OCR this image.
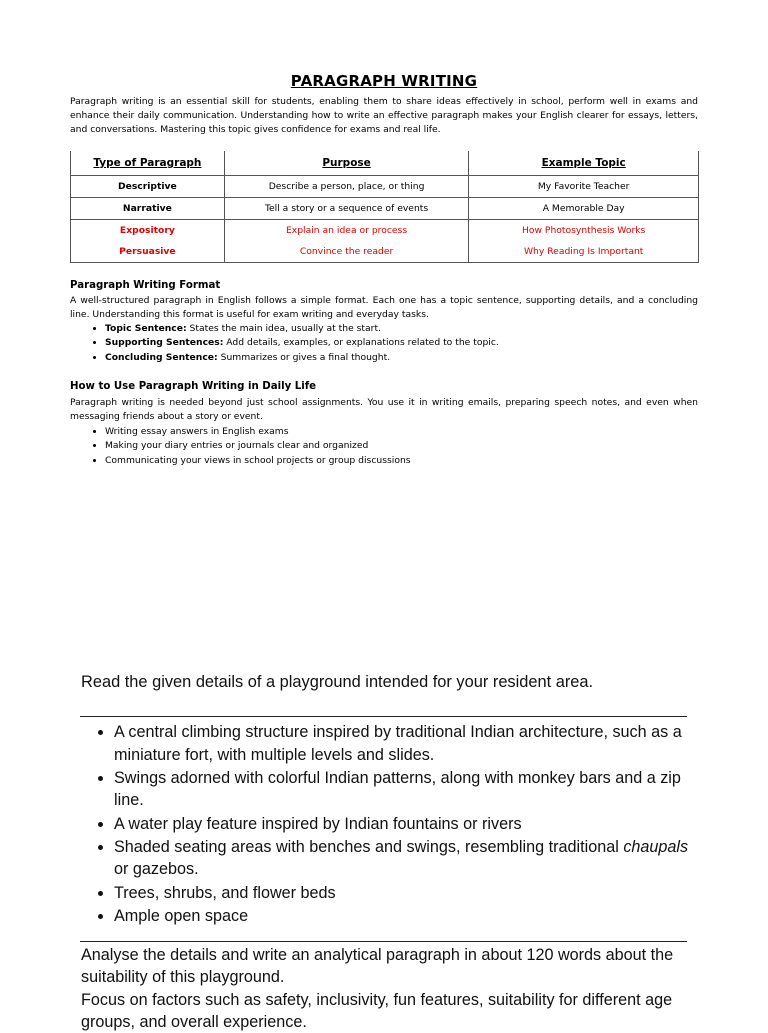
PARAGRAPH WRITING
Paragraph writing is an essential skill for students, enabling them to share ideas effectively in school, perform well in exams and enhance their daily communication. Understanding how to write an effective paragraph makes your English clearer for essays, letters, and conversations. Mastering this topic gives confidence for exams and real life.
Type of Paragraph	Purpose	Example Topic
Descriptive	Describe a person, place, or thing	My Favorite Teacher
Narrative	Tell a story or a sequence of events	A Memorable Day
Expository	Explain an idea or process	How Photosynthesis Works
Persuasive	Convince the reader	Why Reading Is Important
Paragraph Writing Format
A well-structured paragraph in English follows a simple format. Each one has a topic sentence, supporting details, and a concluding line. Understanding this format is useful for exam writing and everyday tasks.
• Topic Sentence: States the main idea, usually at the start.
• Supporting Sentences: Add details, examples, or explanations related to the topic.
• Concluding Sentence: Summarizes or gives a final thought.
How to Use Paragraph Writing in Daily Life
Paragraph writing is needed beyond just school assignments. You use it in writing emails, preparing speech notes, and even when messaging friends about a story or event.
• Writing essay answers in English exams
• Making your diary entries or journals clear and organized
• Communicating your views in school projects or group discussions
Read the given details of a playground intended for your resident area.
• A central climbing structure inspired by traditional Indian architecture, such as a miniature fort, with multiple levels and slides.
• Swings adorned with colorful Indian patterns, along with monkey bars and a zip line.
• A water play feature inspired by Indian fountains or rivers
• Shaded seating areas with benches and swings, resembling traditional chaupals or gazebos.
• Trees, shrubs, and flower beds
• Ample open space

Analyse the details and write an analytical paragraph in about 120 words about the suitability of this playground.

Focus on factors such as safety, inclusivity, fun features, suitability for different age groups, and overall experience.
